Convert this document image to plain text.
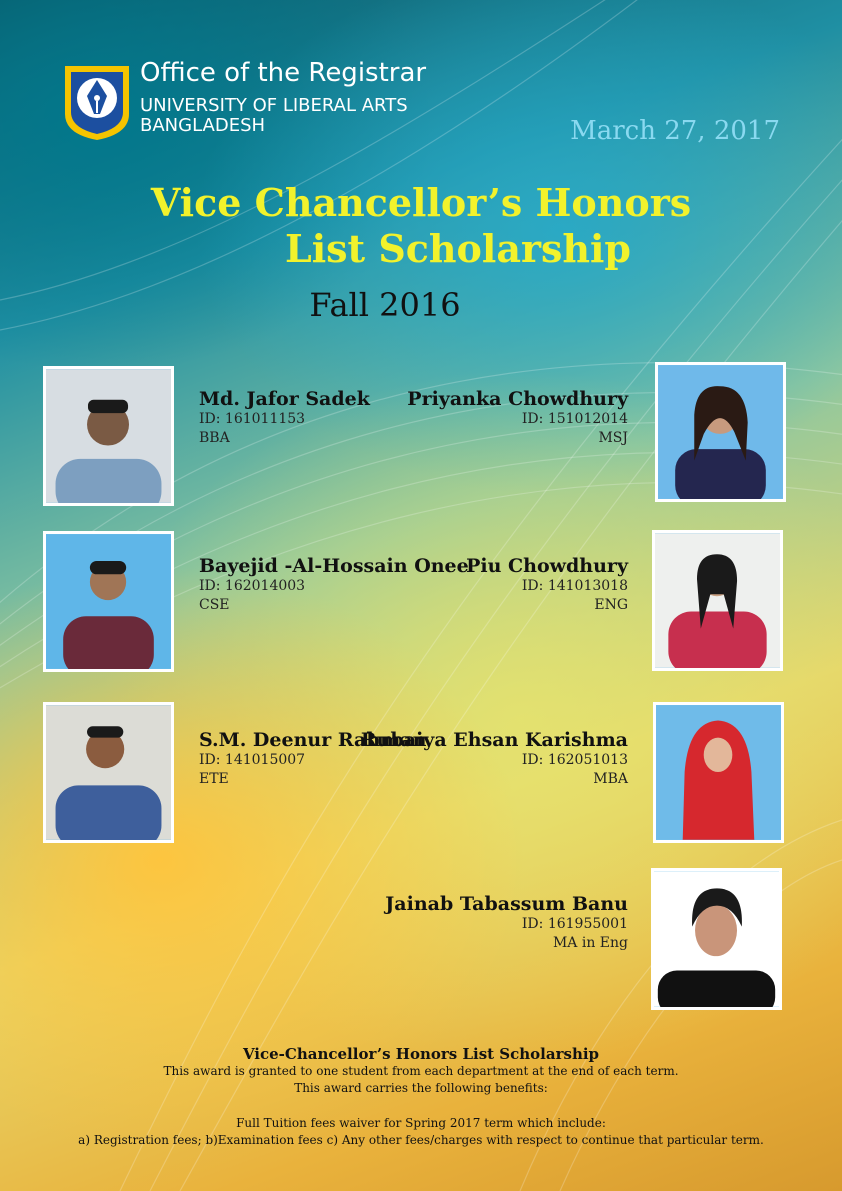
Office of the Registrar
UNIVERSITY OF LIBERAL ARTS
BANGLADESH	March 27, 2017
Vice Chancellor’s Honors
List Scholarship
Fall 2016
Md. Jafor Sadek
ID: 161011153
BBA
Priyanka Chowdhury
ID: 151012014
MSJ
Bayejid -Al-Hossain Onee
ID: 162014003
CSE
Piu Chowdhury
ID: 141013018
ENG
S.M. Deenur Rahman
ID: 141015007
ETE
Rubaiya Ehsan Karishma
ID: 162051013
MBA
Jainab Tabassum Banu
ID: 161955001
MA in Eng
Vice-Chancellor’s Honors List Scholarship
This award is granted to one student from each department at the end of each term.
This award carries the following benefits:
Full Tuition fees waiver for Spring 2017 term which include:
a) Registration fees; b)Examination fees c) Any other fees/charges with respect to continue that particular term.
